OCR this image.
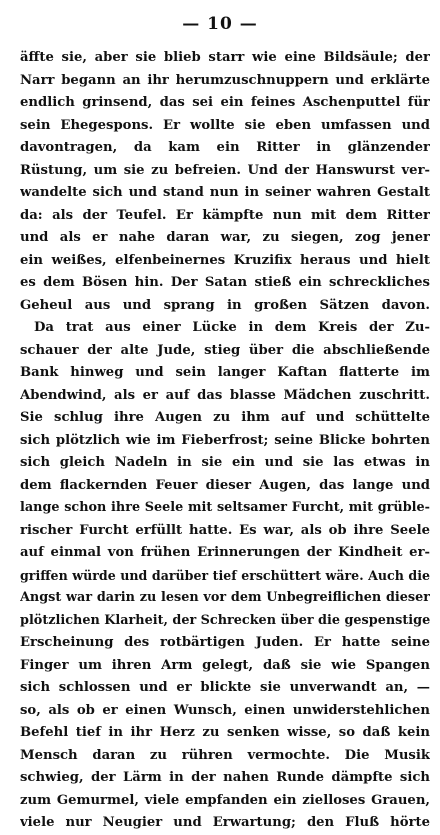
— 10 —
äffte sie, aber sie blieb starr wie eine Bildsäule; der
Narr begann an ihr herumzuschnuppern und erklärte
endlich grinsend, das sei ein feines Aschenputtel für
sein Ehegespons. Er wollte sie eben umfassen und
davontragen, da kam ein Ritter in glänzender
Rüstung, um sie zu befreien. Und der Hanswurst ver-
wandelte sich und stand nun in seiner wahren Gestalt
da: als der Teufel. Er kämpfte nun mit dem Ritter
und als er nahe daran war, zu siegen, zog jener
ein weißes, elfenbeinernes Kruzifix heraus und hielt
es dem Bösen hin. Der Satan stieß ein schreckliches
Geheul aus und sprang in großen Sätzen davon.
Da trat aus einer Lücke in dem Kreis der Zu-
schauer der alte Jude, stieg über die abschließende
Bank hinweg und sein langer Kaftan flatterte im
Abendwind, als er auf das blasse Mädchen zuschritt.
Sie schlug ihre Augen zu ihm auf und schüttelte
sich plötzlich wie im Fieberfrost; seine Blicke bohrten
sich gleich Nadeln in sie ein und sie las etwas in
dem flackernden Feuer dieser Augen, das lange und
lange schon ihre Seele mit seltsamer Furcht, mit grüble-
rischer Furcht erfüllt hatte. Es war, als ob ihre Seele
auf einmal von frühen Erinnerungen der Kindheit er-
griffen würde und darüber tief erschüttert wäre. Auch die
Angst war darin zu lesen vor dem Unbegreiflichen dieser
plötzlichen Klarheit, der Schrecken über die gespenstige
Erscheinung des rotbärtigen Juden. Er hatte seine
Finger um ihren Arm gelegt, daß sie wie Spangen
sich schlossen und er blickte sie unverwandt an, —
so, als ob er einen Wunsch, einen unwiderstehlichen
Befehl tief in ihr Herz zu senken wisse, so daß kein
Mensch daran zu rühren vermochte. Die Musik
schwieg, der Lärm in der nahen Runde dämpfte sich
zum Gemurmel, viele empfanden ein zielloses Grauen,
viele nur Neugier und Erwartung; den Fluß hörte
